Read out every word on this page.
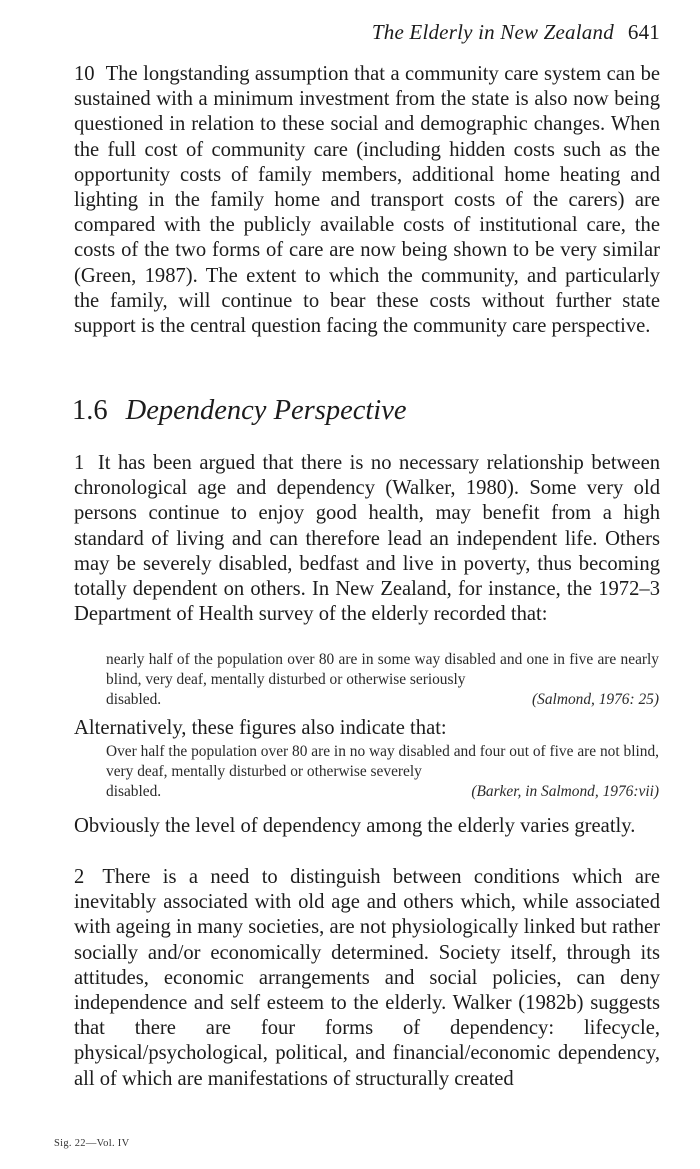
The Elderly in New Zealand 641

10 The longstanding assumption that a community care system can be sustained with a minimum investment from the state is also now being questioned in relation to these social and demographic changes. When the full cost of community care (including hidden costs such as the opportunity costs of family members, additional home heating and lighting in the family home and transport costs of the carers) are compared with the publicly available costs of institutional care, the costs of the two forms of care are now being shown to be very similar (Green, 1987). The extent to which the community, and particularly the family, will continue to bear these costs without further state support is the central question facing the community care perspective.

1.6 Dependency Perspective

1 It has been argued that there is no necessary relationship between chronological age and dependency (Walker, 1980). Some very old persons continue to enjoy good health, may benefit from a high standard of living and can therefore lead an independent life. Others may be severely disabled, bedfast and live in poverty, thus becoming totally dependent on others. In New Zealand, for instance, the 1972–3 Department of Health survey of the elderly recorded that:

nearly half of the population over 80 are in some way disabled and one in five are nearly blind, very deaf, mentally disturbed or otherwise seriously
disabled.	(Salmond, 1976: 25)

Alternatively, these figures also indicate that:

Over half the population over 80 are in no way disabled and four out of five are not blind, very deaf, mentally disturbed or otherwise severely
disabled.	(Barker, in Salmond, 1976:vii)

Obviously the level of dependency among the elderly varies greatly.

2 There is a need to distinguish between conditions which are inevitably associated with old age and others which, while associated with ageing in many societies, are not physiologically linked but rather socially and/or economically determined. Society itself, through its attitudes, economic arrangements and social policies, can deny independence and self esteem to the elderly. Walker (1982b) suggests that there are four forms of dependency: lifecycle, physical/psychological, political, and financial/economic dependency, all of which are manifestations of structurally created

Sig. 22—Vol. IV
